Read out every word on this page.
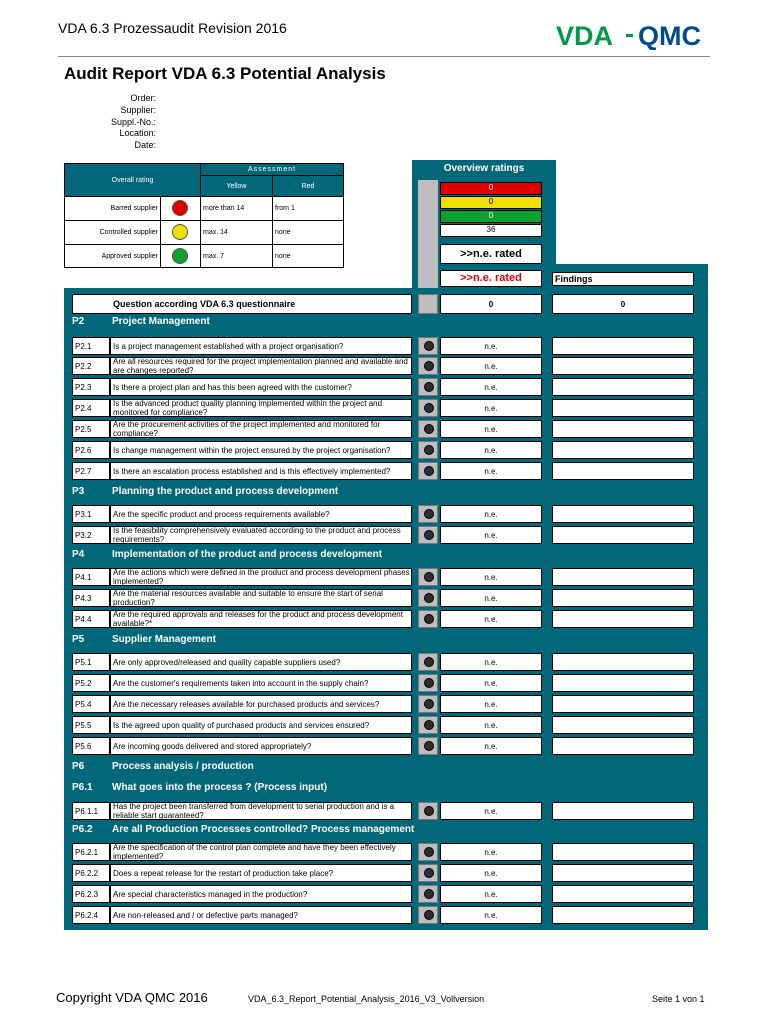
VDA 6.3 Prozessaudit Revision 2016	VDA QMC
Audit Report VDA 6.3 Potential Analysis
Order:
Supplier:
Suppl.-No.:
Location:
Date:
Overall rating
Assessment
Yellow	Red
Barred supplier	more than 14	from 1
Controlled supplier	max. 14	none
Approved supplier	max. 7	none
Overview ratings
0
0
0
36
>>n.e. rated
>>n.e. rated	Findings
Question according VDA 6.3 questionnaire	0	0
P2	Project Management
P2.1	Is a project management established with a project organisation?	n.e.
P2.2	Are all resources required for the project implementation planned and available and are changes reported?	n.e.
P2.3	Is there a project plan and has this been agreed with the customer?	n.e.
P2.4	Is the advanced product quality planning implemented within the project and monitored for compliance?	n.e.
P2.5	Are the procurement activities of the project implemented and monitored for compliance?	n.e.
P2.6	Is change management within the project ensured by the project organisation?	n.e.
P2.7	Is there an escalation process established and is this effectively implemented?	n.e.
P3	Planning the product and process development
P3.1	Are the specific product and process requirements available?	n.e.
P3.2	Is the feasibility comprehensively evaluated according to the product and process requirements?	n.e.
P4	Implementation of the product and process development
P4.1	Are the actions which were defined in the product and process development phases implemented?	n.e.
P4.3	Are the material resources available and suitable to ensure the start of serial production?	n.e.
P4.4	Are the required approvals and releases for the product and process development available?*	n.e.
P5	Supplier Management
P5.1	Are only approved/released and quality capable suppliers used?	n.e.
P5.2	Are the customer's requirements taken into account in the supply chain?	n.e.
P5.4	Are the necessary releases available for purchased products and services?	n.e.
P5.5	Is the agreed upon quality of purchased products and services ensured?	n.e.
P5.6	Are incoming goods delivered and stored appropriately?	n.e.
P6	Process analysis / production
P6.1 What goes into the process ? (Process input)
P6.1.1	Has the project been transferred from development to serial production and is a reliable start guaranteed?	n.e.
P6.2 Are all Production Processes controlled? Process management
P6.2.1	Are the specification of the control plan complete and have they been effectively implemented?	n.e.
P6.2.2	Does a repeat release for the restart of production take place?	n.e.
P6.2.3	Are special characteristics managed in the production?	n.e.
P6.2.4	Are non-released and / or defective parts managed?	n.e.
Copyright VDA QMC 2016	VDA_6.3_Report_Potential_Analysis_2016_V3_Vollversion	Seite 1 von 1
